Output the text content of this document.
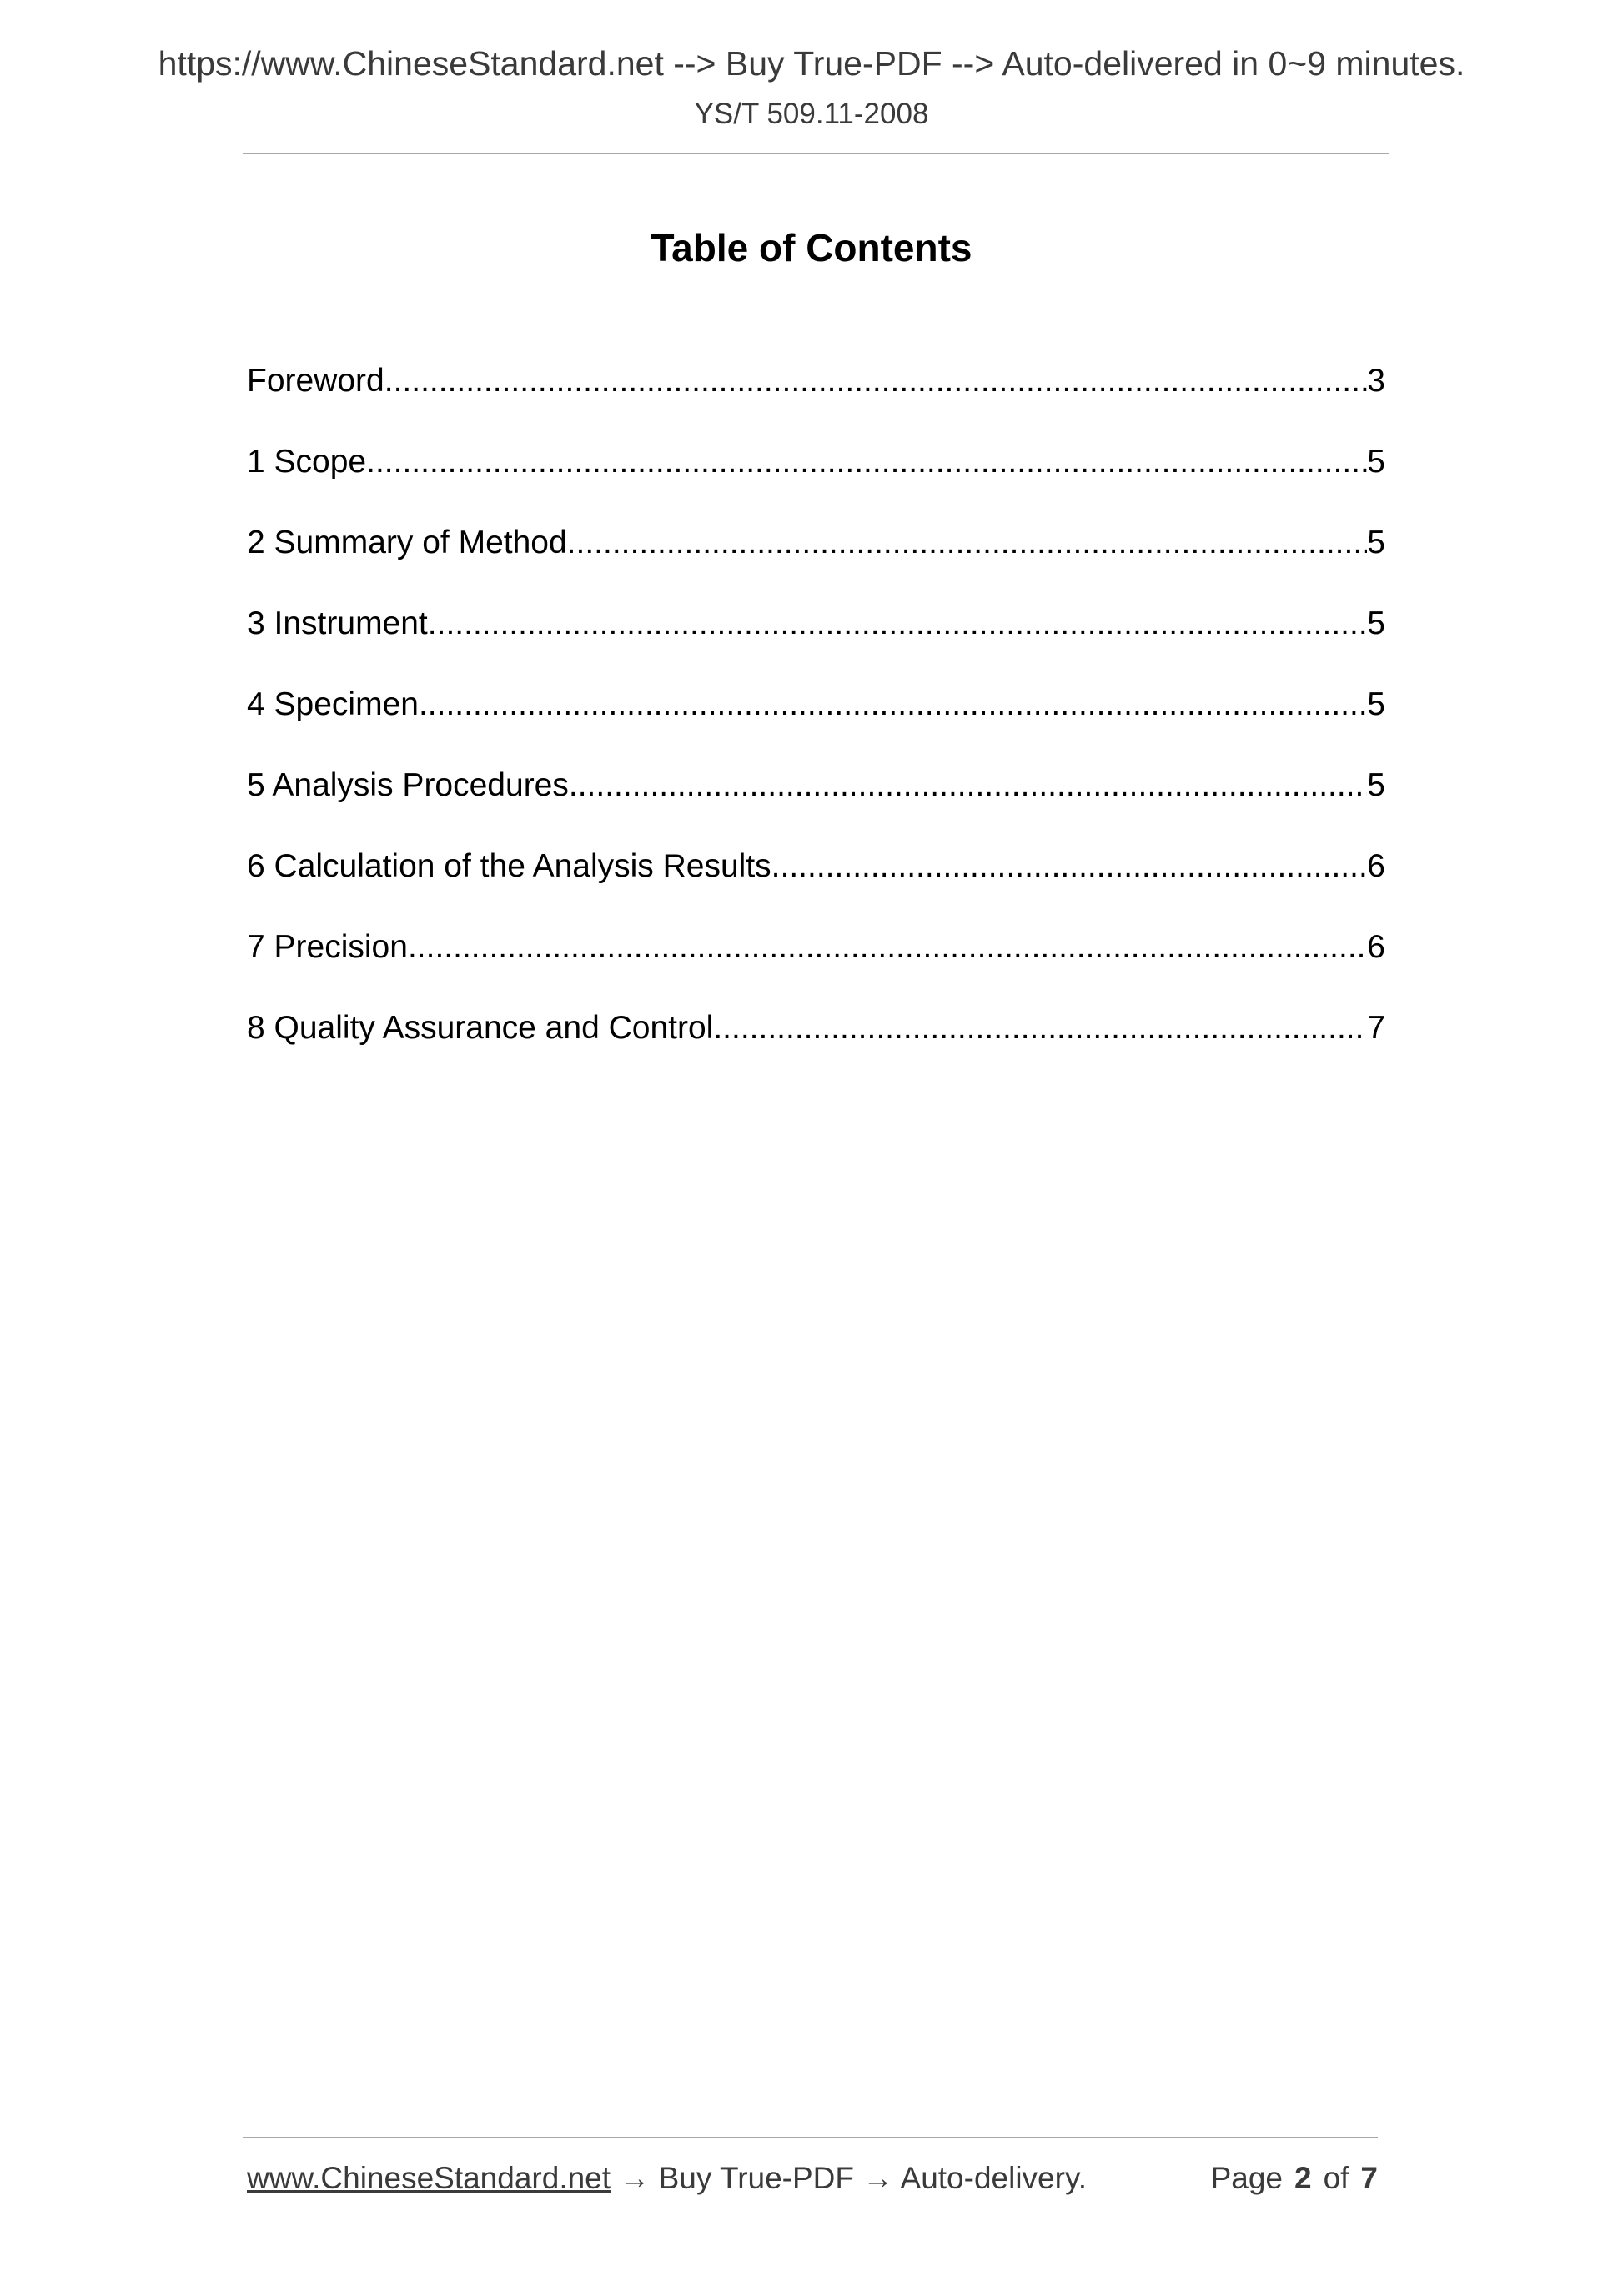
https://www.ChineseStandard.net --> Buy True-PDF --> Auto-delivered in 0~9 minutes.
YS/T 509.11-2008
Table of Contents
Foreword .....	3
1 Scope .....	5
2 Summary of Method .....	5
3 Instrument .....	5
4 Specimen .....	5
5 Analysis Procedures .....	5
6 Calculation of the Analysis Results .....	6
7 Precision .....	6
8 Quality Assurance and Control .....	7
www.ChineseStandard.net → Buy True-PDF → Auto-delivery.	Page 2 of 7
